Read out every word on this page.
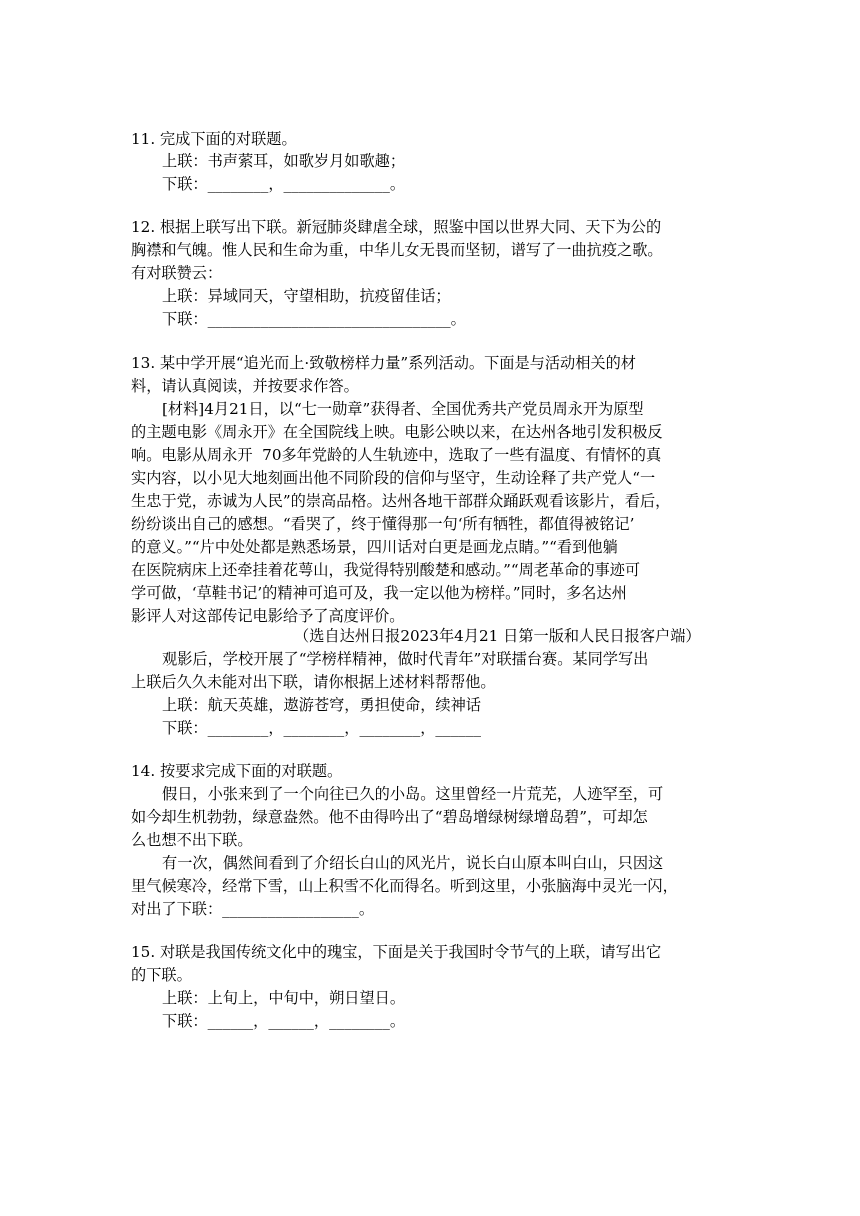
11. 完成下面的对联题。
上联：书声萦耳，如歌岁月如歌趣；
下联：________，______________。
12. 根据上联写出下联。新冠肺炎肆虐全球，照鉴中国以世界大同、天下为公的
胸襟和气魄。惟人民和生命为重，中华儿女无畏而坚韧，谱写了一曲抗疫之歌。
有对联赞云：
上联：异域同天，守望相助，抗疫留佳话；
下联：________________________________。
13. 某中学开展“追光而上·致敬榜样力量”系列活动。下面是与活动相关的材
料，请认真阅读，并按要求作答。
[材料]4月21日，以“七一勋章”获得者、全国优秀共产党员周永开为原型
的主题电影《周永开》在全国院线上映。电影公映以来，在达州各地引发积极反
响。电影从周永开  70多年党龄的人生轨迹中，选取了一些有温度、有情怀的真
实内容，以小见大地刻画出他不同阶段的信仰与坚守，生动诠释了共产党人“一
生忠于党，赤诚为人民”的崇高品格。达州各地干部群众踊跃观看该影片，看后，
纷纷谈出自己的感想。“看哭了，终于懂得那一句‘所有牺牲，都值得被铭记’
的意义。”“片中处处都是熟悉场景，四川话对白更是画龙点睛。”“看到他躺
在医院病床上还牵挂着花萼山，我觉得特别酸楚和感动。”“周老革命的事迹可
学可做，‘草鞋书记’的精神可追可及，我一定以他为榜样。”同时，多名达州
影评人对这部传记电影给予了高度评价。
（选自达州日报2023年4月21 日第一版和人民日报客户端）
观影后，学校开展了“学榜样精神，做时代青年”对联擂台赛。某同学写出
上联后久久未能对出下联，请你根据上述材料帮帮他。
上联：航天英雄，遨游苍穹，勇担使命，续神话
下联：________，________，________，______
14. 按要求完成下面的对联题。
假日，小张来到了一个向往已久的小岛。这里曾经一片荒芜，人迹罕至，可
如今却生机勃勃，绿意盎然。他不由得吟出了“碧岛增绿树绿增岛碧”，可却怎
么也想不出下联。
有一次，偶然间看到了介绍长白山的风光片，说长白山原本叫白山，只因这
里气候寒冷，经常下雪，山上积雪不化而得名。听到这里，小张脑海中灵光一闪，
对出了下联：__________________。
15. 对联是我国传统文化中的瑰宝，下面是关于我国时令节气的上联，请写出它
的下联。
上联：上旬上，中旬中，朔日望日。
下联：______，______，________。
